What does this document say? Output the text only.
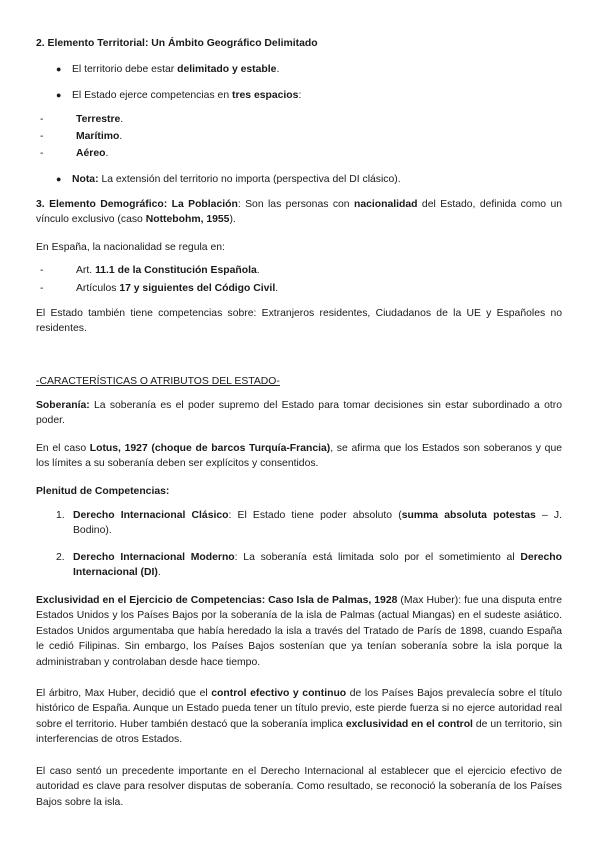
2. Elemento Territorial: Un Ámbito Geográfico Delimitado
● El territorio debe estar delimitado y estable.
● El Estado ejerce competencias en tres espacios:
-	Terrestre.
-	Marítimo.
-	Aéreo.
● Nota: La extensión del territorio no importa (perspectiva del DI clásico).
3. Elemento Demográfico: La Población: Son las personas con nacionalidad del Estado, definida como un vínculo exclusivo (caso Nottebohm, 1955).
En España, la nacionalidad se regula en:
-	Art. 11.1 de la Constitución Española.
-	Artículos 17 y siguientes del Código Civil.
El Estado también tiene competencias sobre: Extranjeros residentes, Ciudadanos de la UE y Españoles no residentes.
-CARACTERÍSTICAS O ATRIBUTOS DEL ESTADO-
Soberanía: La soberanía es el poder supremo del Estado para tomar decisiones sin estar subordinado a otro poder.
En el caso Lotus, 1927 (choque de barcos Turquía-Francia), se afirma que los Estados son soberanos y que los límites a su soberanía deben ser explícitos y consentidos.
Plenitud de Competencias:
1. Derecho Internacional Clásico: El Estado tiene poder absoluto (summa absoluta potestas – J. Bodino).
2. Derecho Internacional Moderno: La soberanía está limitada solo por el sometimiento al Derecho Internacional (DI).
Exclusividad en el Ejercicio de Competencias: Caso Isla de Palmas, 1928 (Max Huber): fue una disputa entre Estados Unidos y los Países Bajos por la soberanía de la isla de Palmas (actual Miangas) en el sudeste asiático. Estados Unidos argumentaba que había heredado la isla a través del Tratado de París de 1898, cuando España le cedió Filipinas. Sin embargo, los Países Bajos sostenían que ya tenían soberanía sobre la isla porque la administraban y controlaban desde hace tiempo.
El árbitro, Max Huber, decidió que el control efectivo y continuo de los Países Bajos prevalecía sobre el título histórico de España. Aunque un Estado pueda tener un título previo, este pierde fuerza si no ejerce autoridad real sobre el territorio. Huber también destacó que la soberanía implica exclusividad en el control de un territorio, sin interferencias de otros Estados.
El caso sentó un precedente importante en el Derecho Internacional al establecer que el ejercicio efectivo de autoridad es clave para resolver disputas de soberanía. Como resultado, se reconoció la soberanía de los Países Bajos sobre la isla.
